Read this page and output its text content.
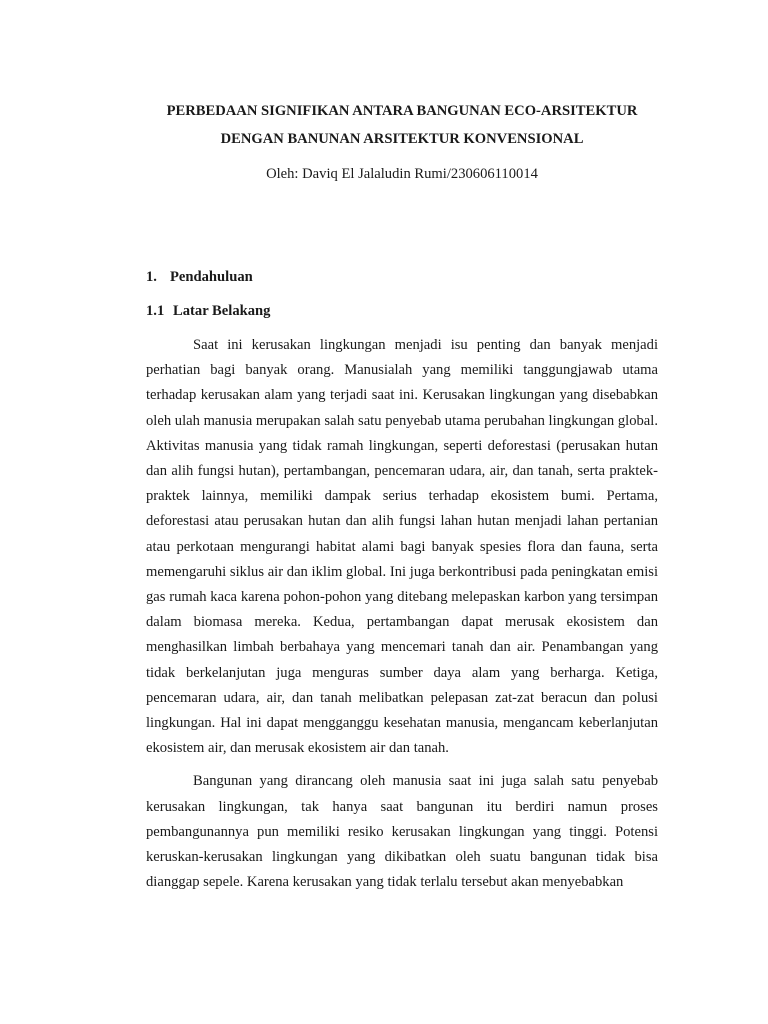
PERBEDAAN SIGNIFIKAN ANTARA BANGUNAN ECO-ARSITEKTUR

DENGAN BANUNAN ARSITEKTUR KONVENSIONAL

Oleh: Daviq El Jalaludin Rumi/230606110014
1. Pendahuluan
1.1 Latar Belakang

Saat ini kerusakan lingkungan menjadi isu penting dan banyak menjadi perhatian bagi banyak orang. Manusialah yang memiliki tanggungjawab utama terhadap kerusakan alam yang terjadi saat ini. Kerusakan lingkungan yang disebabkan oleh ulah manusia merupakan salah satu penyebab utama perubahan lingkungan global. Aktivitas manusia yang tidak ramah lingkungan, seperti deforestasi (perusakan hutan dan alih fungsi hutan), pertambangan, pencemaran udara, air, dan tanah, serta praktek-praktek lainnya, memiliki dampak serius terhadap ekosistem bumi. Pertama, deforestasi atau perusakan hutan dan alih fungsi lahan hutan menjadi lahan pertanian atau perkotaan mengurangi habitat alami bagi banyak spesies flora dan fauna, serta memengaruhi siklus air dan iklim global. Ini juga berkontribusi pada peningkatan emisi gas rumah kaca karena pohon-pohon yang ditebang melepaskan karbon yang tersimpan dalam biomasa mereka. Kedua, pertambangan dapat merusak ekosistem dan menghasilkan limbah berbahaya yang mencemari tanah dan air. Penambangan yang tidak berkelanjutan juga menguras sumber daya alam yang berharga. Ketiga, pencemaran udara, air, dan tanah melibatkan pelepasan zat-zat beracun dan polusi lingkungan. Hal ini dapat mengganggu kesehatan manusia, mengancam keberlanjutan ekosistem air, dan merusak ekosistem air dan tanah.

Bangunan yang dirancang oleh manusia saat ini juga salah satu penyebab kerusakan lingkungan, tak hanya saat bangunan itu berdiri namun proses pembangunannya pun memiliki resiko kerusakan lingkungan yang tinggi. Potensi keruskan-kerusakan lingkungan yang dikibatkan oleh suatu bangunan tidak bisa dianggap sepele. Karena kerusakan yang tidak terlalu tersebut akan menyebabkan
